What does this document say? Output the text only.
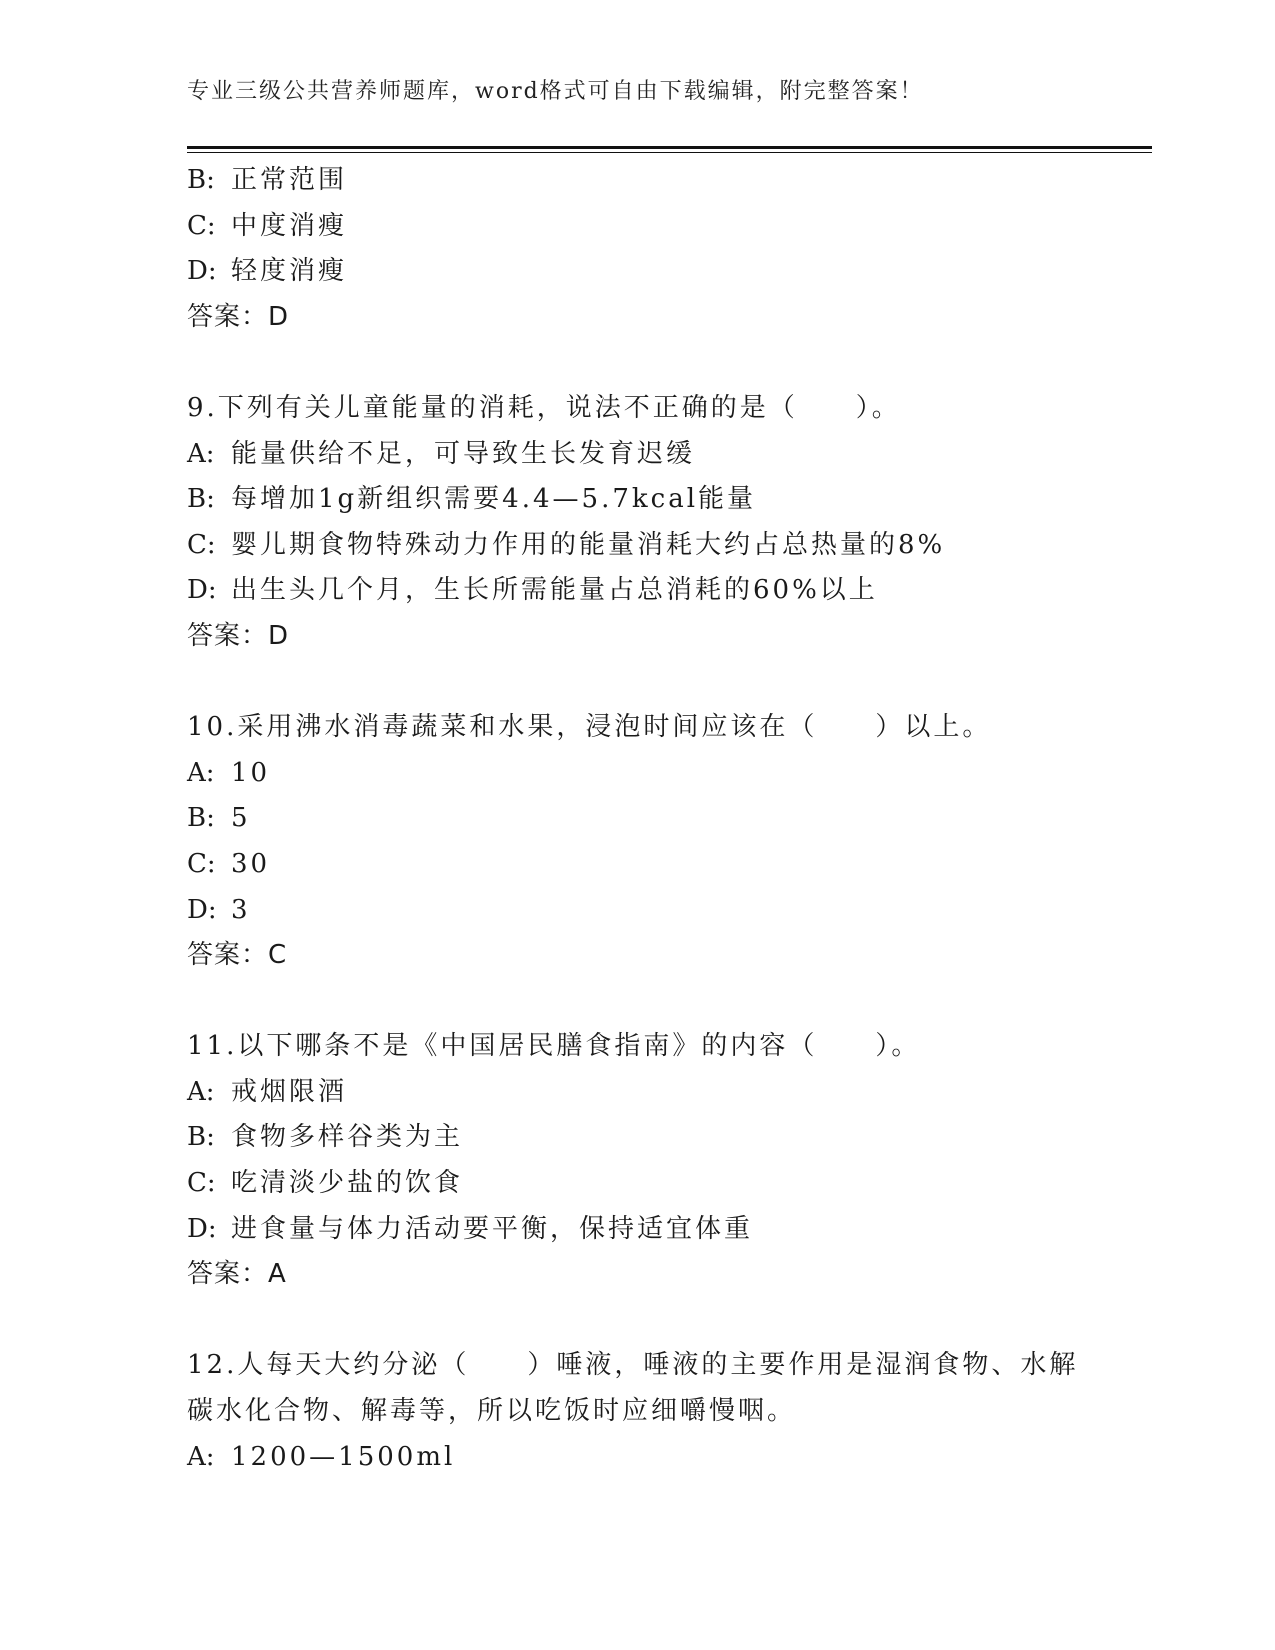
专业三级公共营养师题库，word格式可自由下载编辑，附完整答案！
B: 正常范围
C: 中度消瘦
D: 轻度消瘦
答案：D
9.下列有关儿童能量的消耗，说法不正确的是（　　）。
A: 能量供给不足，可导致生长发育迟缓
B: 每增加1g新组织需要4.4—5.7kcal能量
C: 婴儿期食物特殊动力作用的能量消耗大约占总热量的8%
D: 出生头几个月，生长所需能量占总消耗的60%以上
答案：D
10.采用沸水消毒蔬菜和水果，浸泡时间应该在（　　）以上。
A: 10
B: 5
C: 30
D: 3
答案：C
11.以下哪条不是《中国居民膳食指南》的内容（　　）。
A: 戒烟限酒
B: 食物多样谷类为主
C: 吃清淡少盐的饮食
D: 进食量与体力活动要平衡，保持适宜体重
答案：A
12.人每天大约分泌（　　）唾液，唾液的主要作用是湿润食物、水解
碳水化合物、解毒等，所以吃饭时应细嚼慢咽。
A: 1200—1500ml
